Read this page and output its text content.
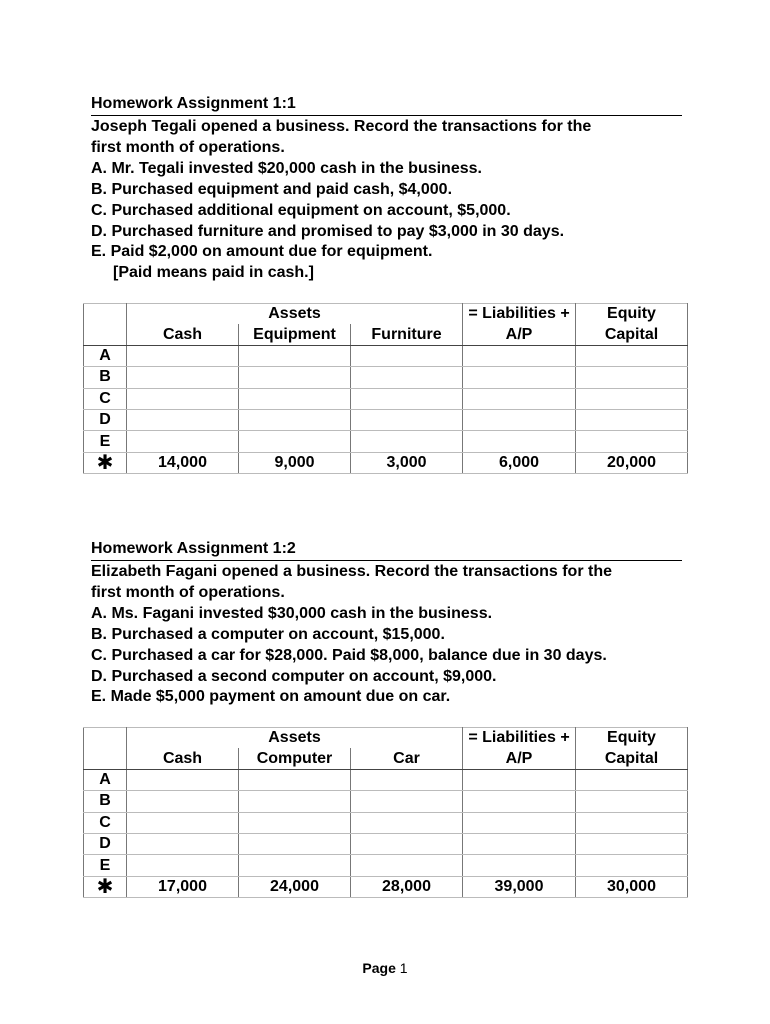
Homework Assignment 1:1
Joseph Tegali opened a business. Record the transactions for the
first month of operations.
A. Mr. Tegali invested $20,000 cash in the business.
B. Purchased equipment and paid cash, $4,000.
C. Purchased additional equipment on account, $5,000.
D. Purchased furniture and promised to pay $3,000 in 30 days.
E. Paid $2,000 on amount due for equipment.
[Paid means paid in cash.]
		Assets		= Liabilities +	Equity
	Cash	Equipment	Furniture	A/P	Capital
A					
B					
C					
D					
E					
✱	14,000	9,000	3,000	6,000	20,000
Homework Assignment 1:2
Elizabeth Fagani opened a business. Record the transactions for the
first month of operations.
A. Ms. Fagani invested $30,000 cash in the business.
B. Purchased a computer on account, $15,000.
C. Purchased a car for $28,000. Paid $8,000, balance due in 30 days.
D. Purchased a second computer on account, $9,000.
E. Made $5,000 payment on amount due on car.
		Assets		= Liabilities +	Equity
	Cash	Computer	Car	A/P	Capital
A					
B					
C					
D					
E					
✱	17,000	24,000	28,000	39,000	30,000
Page 1
